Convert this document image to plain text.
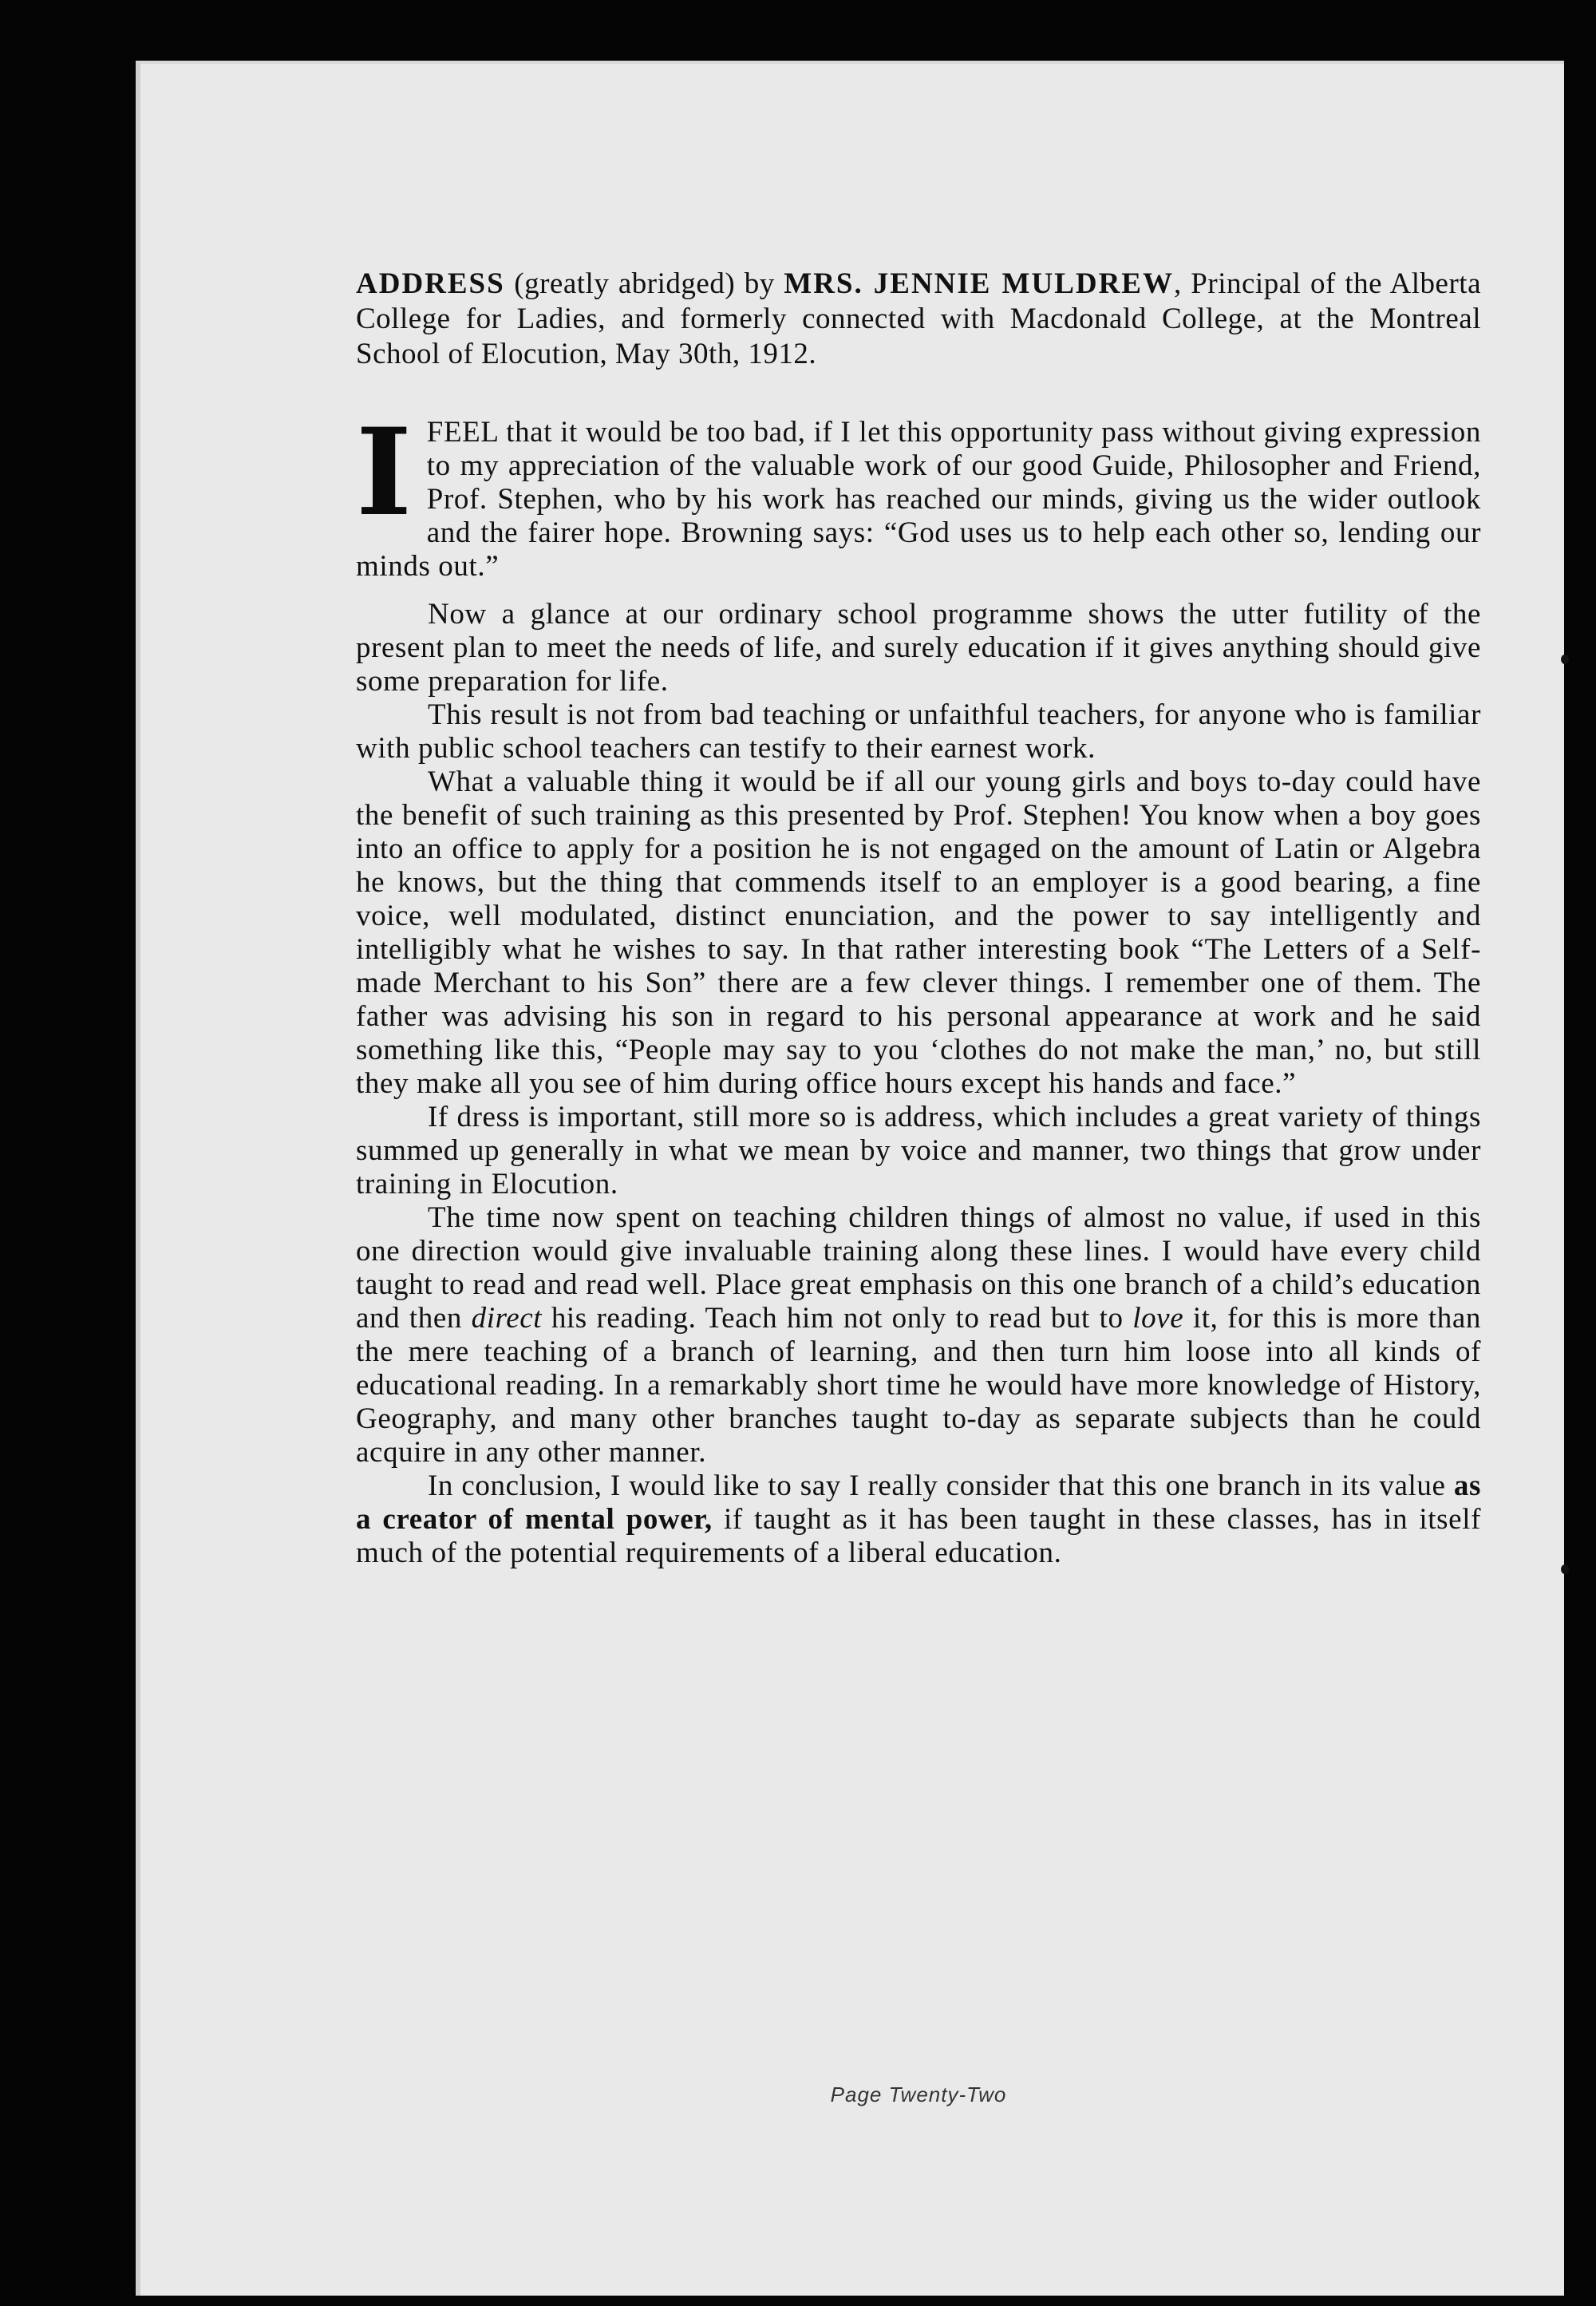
ADDRESS (greatly abridged) by MRS. JENNIE MULDREW, Principal of the Alberta College for Ladies, and formerly connected with Macdonald College, at the Montreal School of Elocution, May 30th, 1912.

I FEEL that it would be too bad, if I let this opportunity pass without giving expression to my appreciation of the valuable work of our good Guide, Philosopher and Friend, Prof. Stephen, who by his work has reached our minds, giving us the wider outlook and the fairer hope. Browning says: “God uses us to help each other so, lending our minds out.”

Now a glance at our ordinary school programme shows the utter futility of the present plan to meet the needs of life, and surely education if it gives anything should give some preparation for life.

This result is not from bad teaching or unfaithful teachers, for anyone who is familiar with public school teachers can testify to their earnest work.

What a valuable thing it would be if all our young girls and boys to-day could have the benefit of such training as this presented by Prof. Stephen! You know when a boy goes into an office to apply for a position he is not engaged on the amount of Latin or Algebra he knows, but the thing that commends itself to an employer is a good bearing, a fine voice, well modulated, distinct enunciation, and the power to say intelligently and intelligibly what he wishes to say. In that rather interesting book “The Letters of a Self-made Merchant to his Son” there are a few clever things. I remember one of them. The father was advising his son in regard to his personal appearance at work and he said something like this, “People may say to you ‘clothes do not make the man,’ no, but still they make all you see of him during office hours except his hands and face.”

If dress is important, still more so is address, which includes a great variety of things summed up generally in what we mean by voice and manner, two things that grow under training in Elocution.

The time now spent on teaching children things of almost no value, if used in this one direction would give invaluable training along these lines. I would have every child taught to read and read well. Place great emphasis on this one branch of a child’s education and then direct his reading. Teach him not only to read but to love it, for this is more than the mere teaching of a branch of learning, and then turn him loose into all kinds of educational reading. In a remarkably short time he would have more knowledge of History, Geography, and many other branches taught to-day as separate subjects than he could acquire in any other manner.

In conclusion, I would like to say I really consider that this one branch in its value as a creator of mental power, if taught as it has been taught in these classes, has in itself much of the potential requirements of a liberal education.

Page Twenty-Two
